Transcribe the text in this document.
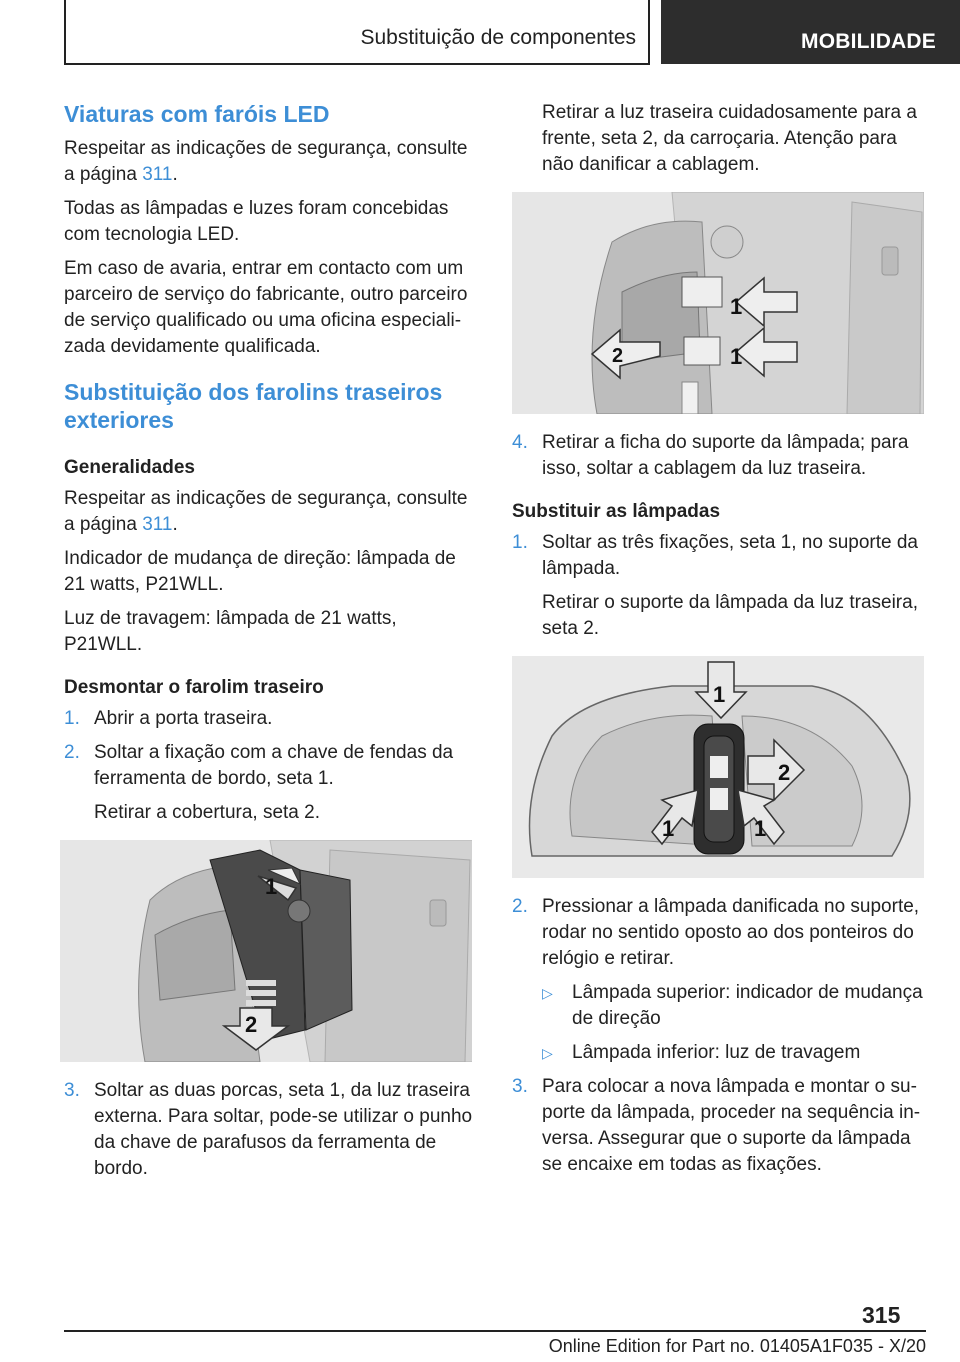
Substituição de componentes	MOBILIDADE
Viaturas com faróis LED
Respeitar as indicações de segurança, consulte a página 311.
Todas as lâmpadas e luzes foram concebidas com tecnologia LED.
Em caso de avaria, entrar em contacto com um parceiro de serviço do fabricante, outro parceiro de serviço qualificado ou uma oficina especiali-zada devidamente qualificada.
Substituição dos farolins traseiros exteriores
Generalidades
Respeitar as indicações de segurança, consulte a página 311.
Indicador de mudança de direção: lâmpada de 21 watts, P21WLL.
Luz de travagem: lâmpada de 21 watts, P21WLL.
Desmontar o farolim traseiro
1. Abrir a porta traseira.
2. Soltar a fixação com a chave de fendas da ferramenta de bordo, seta 1.
Retirar a cobertura, seta 2.
1
2
3. Soltar as duas porcas, seta 1, da luz traseira externa. Para soltar, pode-se utilizar o punho da chave de parafusos da ferramenta de bordo.
Retirar a luz traseira cuidadosamente para a frente, seta 2, da carroçaria. Atenção para não danificar a cablagem.
1
1
2
4. Retirar a ficha do suporte da lâmpada; para isso, soltar a cablagem da luz traseira.
Substituir as lâmpadas
1. Soltar as três fixações, seta 1, no suporte da lâmpada.
Retirar o suporte da lâmpada da luz traseira, seta 2.
1
2
1	1
2. Pressionar a lâmpada danificada no suporte, rodar no sentido oposto ao dos ponteiros do relógio e retirar.
▷ Lâmpada superior: indicador de mudança de direção
▷ Lâmpada inferior: luz de travagem
3. Para colocar a nova lâmpada e montar o su-porte da lâmpada, proceder na sequência in-versa. Assegurar que o suporte da lâmpada se encaixe em todas as fixações.
315
Online Edition for Part no. 01405A1F035 - X/20
